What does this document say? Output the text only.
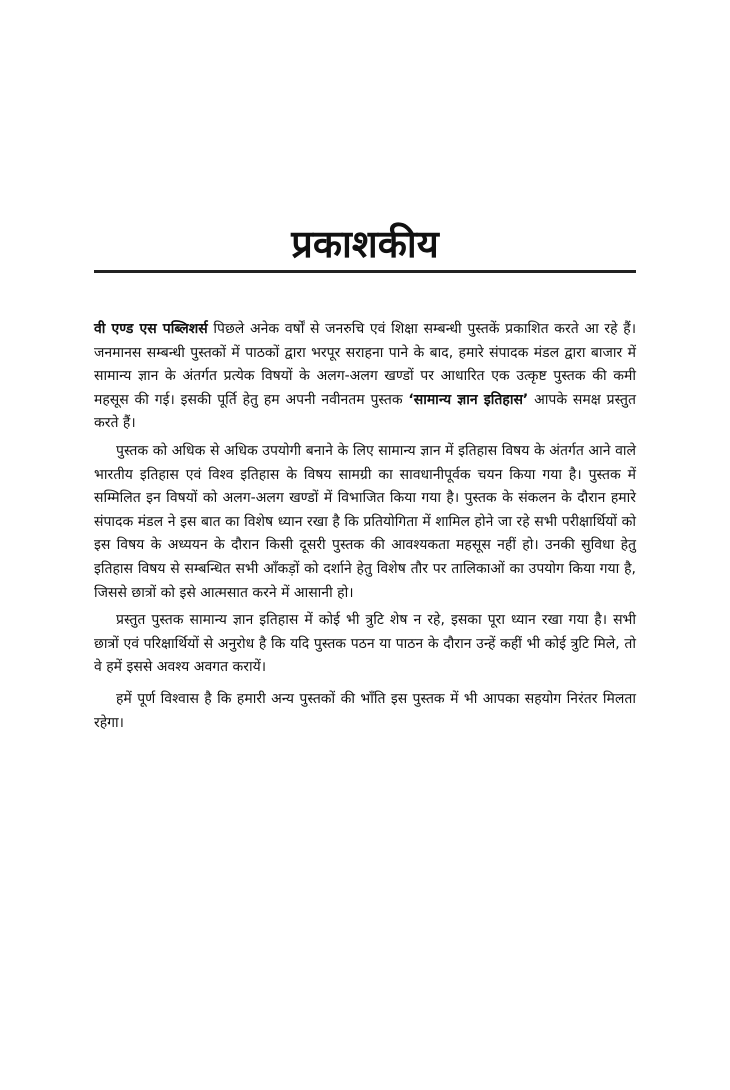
प्रकाशकीय

वी एण्ड एस पब्लिशर्स पिछले अनेक वर्षों से जनरुचि एवं शिक्षा सम्बन्धी पुस्तकें प्रकाशित करते आ रहे हैं। जनमानस सम्बन्धी पुस्तकों में पाठकों द्वारा भरपूर सराहना पाने के बाद, हमारे संपादक मंडल द्वारा बाजार में सामान्य ज्ञान के अंतर्गत प्रत्येक विषयों के अलग-अलग खण्डों पर आधारित एक उत्कृष्ट पुस्तक की कमी महसूस की गई। इसकी पूर्ति हेतु हम अपनी नवीनतम पुस्तक ‘सामान्य ज्ञान इतिहास’ आपके समक्ष प्रस्तुत करते हैं।

पुस्तक को अधिक से अधिक उपयोगी बनाने के लिए सामान्य ज्ञान में इतिहास विषय के अंतर्गत आने वाले भारतीय इतिहास एवं विश्व इतिहास के विषय सामग्री का सावधानीपूर्वक चयन किया गया है। पुस्तक में सम्मिलित इन विषयों को अलग-अलग खण्डों में विभाजित किया गया है। पुस्तक के संकलन के दौरान हमारे संपादक मंडल ने इस बात का विशेष ध्यान रखा है कि प्रतियोगिता में शामिल होने जा रहे सभी परीक्षार्थियों को इस विषय के अध्ययन के दौरान किसी दूसरी पुस्तक की आवश्यकता महसूस नहीं हो। उनकी सुविधा हेतु इतिहास विषय से सम्बन्धित सभी आँकड़ों को दर्शाने हेतु विशेष तौर पर तालिकाओं का उपयोग किया गया है, जिससे छात्रों को इसे आत्मसात करने में आसानी हो।

प्रस्तुत पुस्तक सामान्य ज्ञान इतिहास में कोई भी त्रुटि शेष न रहे, इसका पूरा ध्यान रखा गया है। सभी छात्रों एवं परिक्षार्थियों से अनुरोध है कि यदि पुस्तक पठन या पाठन के दौरान उन्हें कहीं भी कोई त्रुटि मिले, तो वे हमें इससे अवश्य अवगत करायें।

हमें पूर्ण विश्वास है कि हमारी अन्य पुस्तकों की भाँति इस पुस्तक में भी आपका सहयोग निरंतर मिलता रहेगा।
